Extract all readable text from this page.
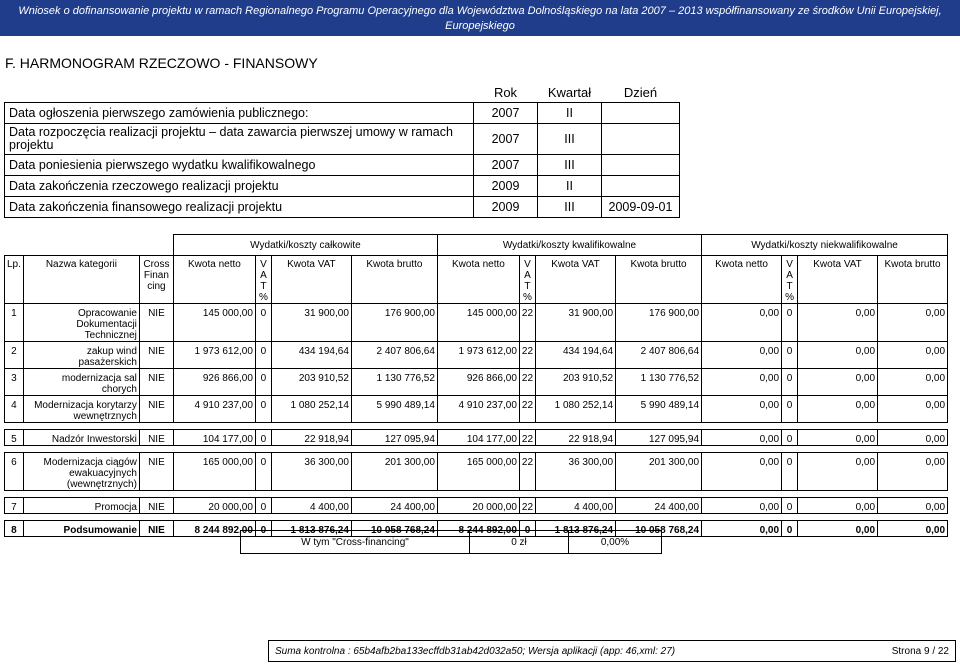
Wniosek o dofinansowanie projektu w ramach Regionalnego Programu Operacyjnego dla Województwa Dolnośląskiego na lata 2007 – 2013 współfinansowany ze środków Unii Europejskiej, Europejskiego
Funduszu Rozwoju Regionalnego
F. HARMONOGRAM RZECZOWO - FINANSOWY
	Rok	Kwartał	Dzień
Data ogłoszenia pierwszego zamówienia publicznego:	2007	II	
Data rozpoczęcia realizacji projektu – data zawarcia pierwszej umowy w ramach projektu	2007	III	
Data poniesienia pierwszego wydatku kwalifikowalnego	2007	III	
Data zakończenia rzeczowego realizacji projektu	2009	II	
Data zakończenia finansowego realizacji projektu	2009	III	2009-09-01
			Wydatki/koszty całkowite				Wydatki/koszty kwalifikowalne				Wydatki/koszty niekwalifikowalne			
Lp.	Nazwa kategorii	Cross Finan cing	Kwota netto	V A T %	Kwota VAT	Kwota brutto	Kwota netto	V A T %	Kwota VAT	Kwota brutto	Kwota netto	V A T %	Kwota VAT	Kwota brutto
1	Opracowanie Dokumentacji Technicznej	NIE	145 000,00	0	31 900,00	176 900,00	145 000,00	22	31 900,00	176 900,00	0,00	0	0,00	0,00
2	zakup wind pasażerskich	NIE	1 973 612,00	0	434 194,64	2 407 806,64	1 973 612,00	22	434 194,64	2 407 806,64	0,00	0	0,00	0,00
3	modernizacja sal chorych	NIE	926 866,00	0	203 910,52	1 130 776,52	926 866,00	22	203 910,52	1 130 776,52	0,00	0	0,00	0,00
4	Modernizacja korytarzy wewnętrznych	NIE	4 910 237,00	0	1 080 252,14	5 990 489,14	4 910 237,00	22	1 080 252,14	5 990 489,14	0,00	0	0,00	0,00

5	Nadzór Inwestorski	NIE	104 177,00	0	22 918,94	127 095,94	104 177,00	22	22 918,94	127 095,94	0,00	0	0,00	0,00

6	Modernizacja ciągów ewakuacyjnych (wewnętrznych)	NIE	165 000,00	0	36 300,00	201 300,00	165 000,00	22	36 300,00	201 300,00	0,00	0	0,00	0,00

7	Promocja	NIE	20 000,00	0	4 400,00	24 400,00	20 000,00	22	4 400,00	24 400,00	0,00	0	0,00	0,00

8	Podsumowanie	NIE	8 244 892,00	0	1 813 876,24	10 058 768,24	8 244 892,00	0	1 813 876,24	10 058 768,24	0,00	0	0,00	0,00
W tym "Cross-financing"	0 zł	0,00%
Suma kontrolna : 65b4afb2ba133ecffdb31ab42d032a50; Wersja aplikacji (app: 46,xml: 27)	Strona 9 / 22
